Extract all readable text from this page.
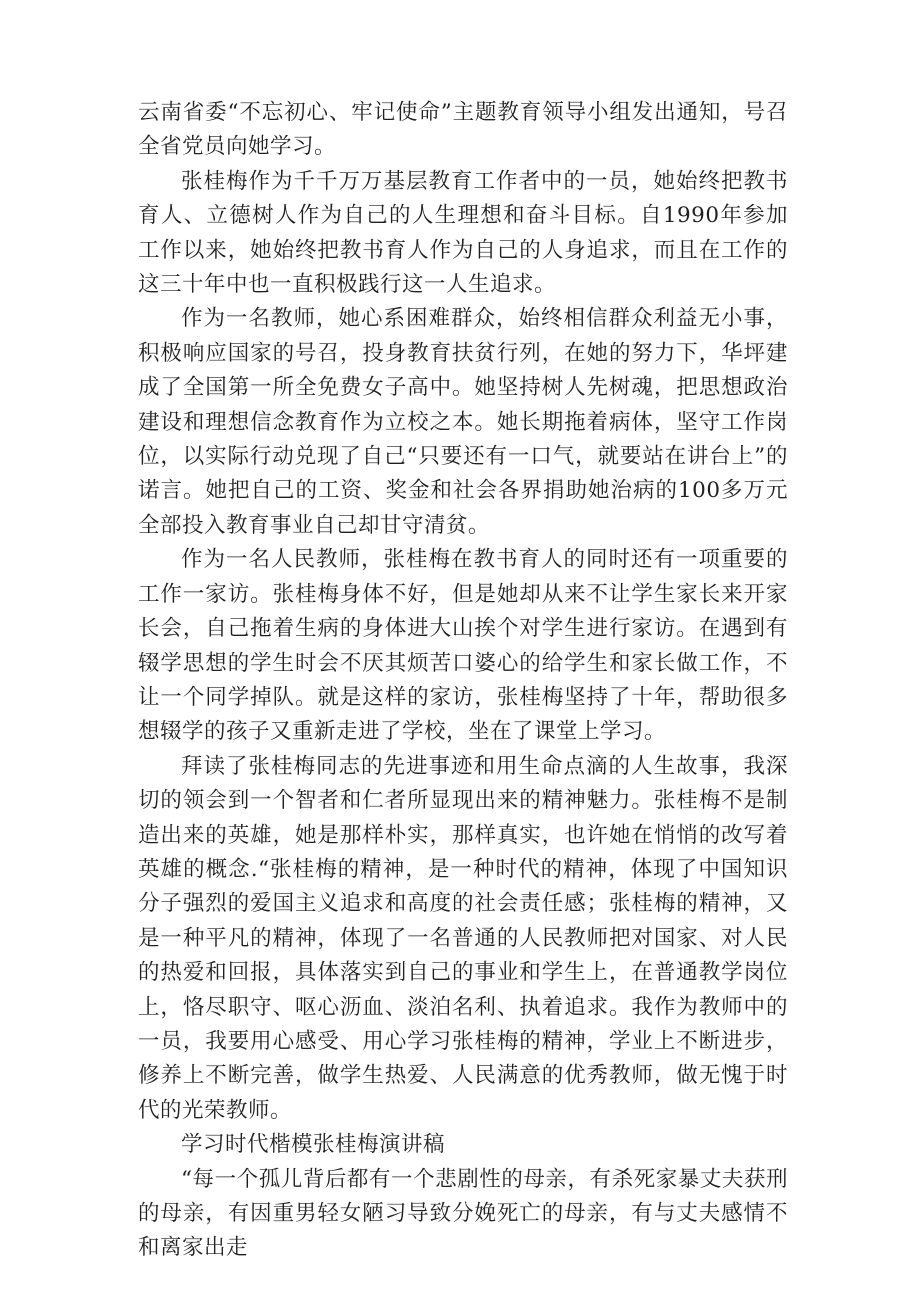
云南省委“不忘初心、牢记使命”主题教育领导小组发出通知，号召全省党员向她学习。

张桂梅作为千千万万基层教育工作者中的一员，她始终把教书育人、立德树人作为自己的人生理想和奋斗目标。自1990年参加工作以来，她始终把教书育人作为自己的人身追求，而且在工作的这三十年中也一直积极践行这一人生追求。

作为一名教师，她心系困难群众，始终相信群众利益无小事，积极响应国家的号召，投身教育扶贫行列，在她的努力下，华坪建成了全国第一所全免费女子高中。她坚持树人先树魂，把思想政治建设和理想信念教育作为立校之本。她长期拖着病体，坚守工作岗位，以实际行动兑现了自己“只要还有一口气，就要站在讲台上”的诺言。她把自己的工资、奖金和社会各界捐助她治病的100多万元全部投入教育事业自己却甘守清贫。

作为一名人民教师，张桂梅在教书育人的同时还有一项重要的工作一家访。张桂梅身体不好，但是她却从来不让学生家长来开家长会，自己拖着生病的身体进大山挨个对学生进行家访。在遇到有辍学思想的学生时会不厌其烦苦口婆心的给学生和家长做工作，不让一个同学掉队。就是这样的家访，张桂梅坚持了十年，帮助很多想辍学的孩子又重新走进了学校，坐在了课堂上学习。

拜读了张桂梅同志的先进事迹和用生命点滴的人生故事，我深切的领会到一个智者和仁者所显现出来的精神魅力。张桂梅不是制造出来的英雄，她是那样朴实，那样真实，也许她在悄悄的改写着英雄的概念.“张桂梅的精神，是一种时代的精神，体现了中国知识分子强烈的爱国主义追求和高度的社会责任感；张桂梅的精神，又是一种平凡的精神，体现了一名普通的人民教师把对国家、对人民的热爱和回报，具体落实到自己的事业和学生上，在普通教学岗位上，恪尽职守、呕心沥血、淡泊名利、执着追求。我作为教师中的一员，我要用心感受、用心学习张桂梅的精神，学业上不断进步，修养上不断完善，做学生热爱、人民满意的优秀教师，做无愧于时代的光荣教师。

学习时代楷模张桂梅演讲稿

“每一个孤儿背后都有一个悲剧性的母亲，有杀死家暴丈夫获刑的母亲，有因重男轻女陋习导致分娩死亡的母亲，有与丈夫感情不和离家出走
